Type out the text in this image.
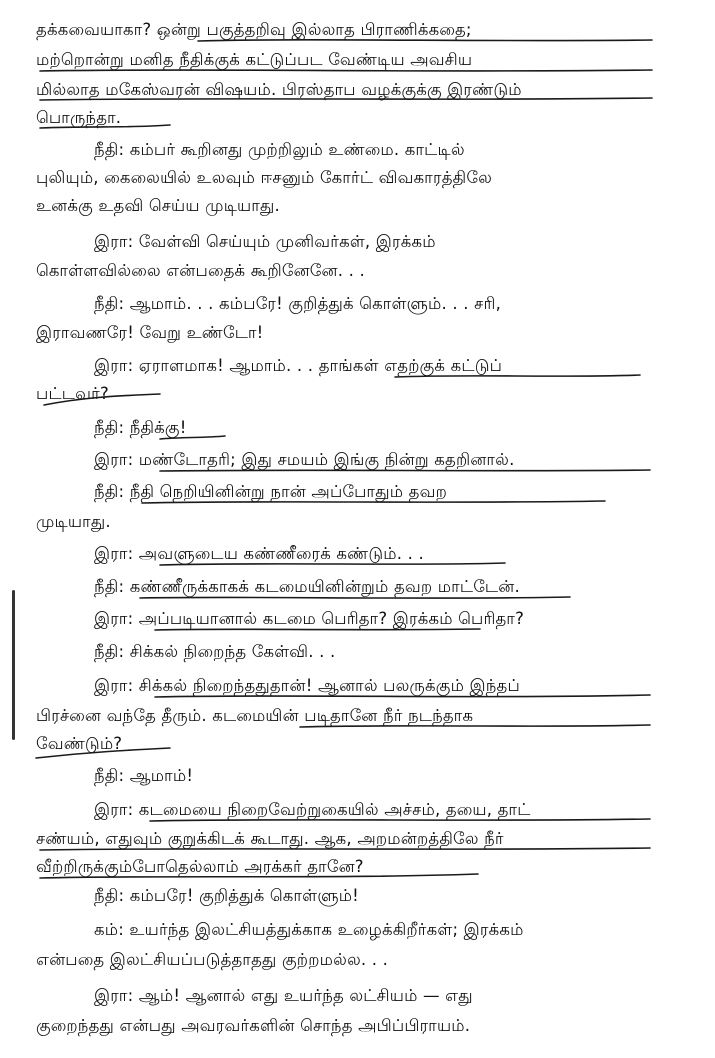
தக்கவையாகா? ஒன்று பகுத்தறிவு இல்லாத பிராணிக்கதை;
மற்றொன்று மனித நீதிக்குக் கட்டுப்பட வேண்டிய அவசிய
மில்லாத மகேஸ்வரன் விஷயம். பிரஸ்தாப வழக்குக்கு இரண்டும்
பொருந்தா.
நீதி: கம்பர் கூறினது முற்றிலும் உண்மை. காட்டில்
புலியும், கைலையில் உலவும் ஈசனும் கோர்ட் விவகாரத்திலே
உனக்கு உதவி செய்ய முடியாது.
இரா: வேள்வி செய்யும் முனிவர்கள், இரக்கம்
கொள்ளவில்லை என்பதைக் கூறினேனே. . .
நீதி: ஆமாம். . . கம்பரே! குறித்துக் கொள்ளும். . . சரி,
இராவணரே! வேறு உண்டோ!
இரா: ஏராளமாக! ஆமாம். . . தாங்கள் எதற்குக் கட்டுப்
பட்டவர்?
நீதி: நீதிக்கு!
இரா: மண்டோதரி; இது சமயம் இங்கு நின்று கதறினால்.
நீதி: நீதி நெறியினின்று நான் அப்போதும் தவற
முடியாது.
இரா: அவளுடைய கண்ணீரைக் கண்டும். . .
நீதி: கண்ணீருக்காகக் கடமையினின்றும் தவற மாட்டேன்.
இரா: அப்படியானால் கடமை பெரிதா? இரக்கம் பெரிதா?
நீதி: சிக்கல் நிறைந்த கேள்வி. . .
இரா: சிக்கல் நிறைந்ததுதான்! ஆனால் பலருக்கும் இந்தப்
பிரச்னை வந்தே தீரும். கடமையின் படிதானே நீர் நடந்தாக
வேண்டும்?
நீதி: ஆமாம்!
இரா: கடமையை நிறைவேற்றுகையில் அச்சம், தயை, தாட்
சண்யம், எதுவும் குறுக்கிடக் கூடாது. ஆக, அறமன்றத்திலே நீர்
வீற்றிருக்கும்போதெல்லாம் அரக்கர் தானே?
நீதி: கம்பரே! குறித்துக் கொள்ளும்!
கம்: உயர்ந்த இலட்சியத்துக்காக உழைக்கிறீர்கள்; இரக்கம்
என்பதை இலட்சியப்படுத்தாதது குற்றமல்ல. . .
இரா: ஆம்! ஆனால் எது உயர்ந்த லட்சியம் — எது
குறைந்தது என்பது அவரவர்களின் சொந்த அபிப்பிராயம்.
